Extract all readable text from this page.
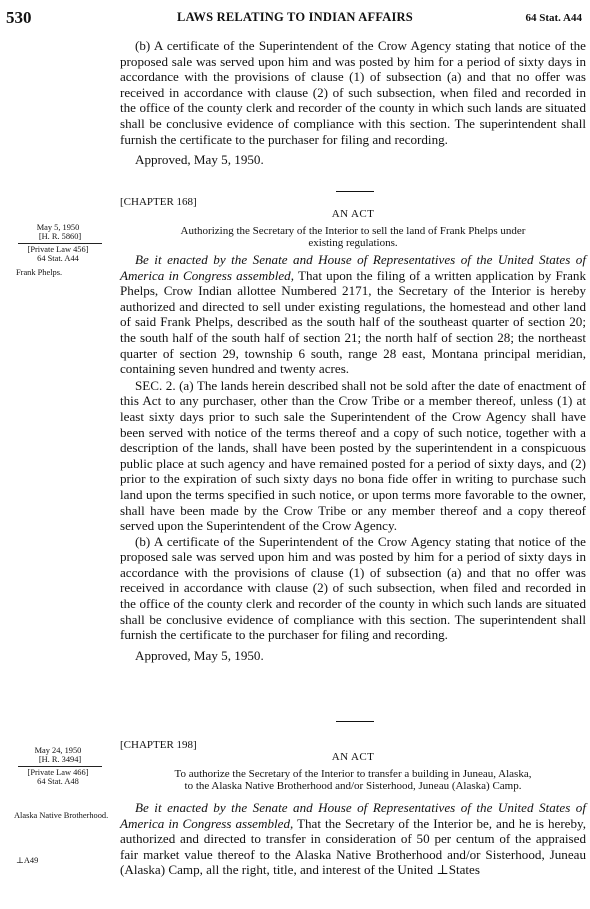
530	LAWS RELATING TO INDIAN AFFAIRS	64 Stat. A44

(b) A certificate of the Superintendent of the Crow Agency stating that notice of the proposed sale was served upon him and was posted by him for a period of sixty days in accordance with the provisions of clause (1) of subsection (a) and that no offer was received in accordance with clause (2) of such subsection, when filed and recorded in the office of the county clerk and recorder of the county in which such lands are situated shall be conclusive evidence of compliance with this section. The superintendent shall furnish the certificate to the purchaser for filing and recording.

Approved, May 5, 1950.

[CHAPTER 168]
AN ACT
Authorizing the Secretary of the Interior to sell the land of Frank Phelps under
existing regulations.
May 5, 1950
[H. R. 5860]
[Private Law 456]
64 Stat. A44
Frank Phelps.

Be it enacted by the Senate and House of Representatives of the United States of America in Congress assembled, That upon the filing of a written application by Frank Phelps, Crow Indian allottee Numbered 2171, the Secretary of the Interior is hereby authorized and directed to sell under existing regulations, the homestead and other land of said Frank Phelps, described as the south half of the southeast quarter of section 20; the south half of the south half of section 21; the north half of section 28; the northeast quarter of section 29, township 6 south, range 28 east, Montana principal meridian, containing seven hundred and twenty acres.

SEC. 2. (a) The lands herein described shall not be sold after the date of enactment of this Act to any purchaser, other than the Crow Tribe or a member thereof, unless (1) at least sixty days prior to such sale the Superintendent of the Crow Agency shall have been served with notice of the terms thereof and a copy of such notice, together with a description of the lands, shall have been posted by the superintendent in a conspicuous public place at such agency and have remained posted for a period of sixty days, and (2) prior to the expiration of such sixty days no bona fide offer in writing to purchase such land upon the terms specified in such notice, or upon terms more favorable to the owner, shall have been made by the Crow Tribe or any member thereof and a copy thereof served upon the Superintendent of the Crow Agency.

(b) A certificate of the Superintendent of the Crow Agency stating that notice of the proposed sale was served upon him and was posted by him for a period of sixty days in accordance with the provisions of clause (1) of subsection (a) and that no offer was received in accordance with clause (2) of such subsection, when filed and recorded in the office of the county clerk and recorder of the county in which such lands are situated shall be conclusive evidence of compliance with this section. The superintendent shall furnish the certificate to the purchaser for filing and recording.

Approved, May 5, 1950.

[CHAPTER 198]
AN ACT
To authorize the Secretary of the Interior to transfer a building in Juneau, Alaska,
to the Alaska Native Brotherhood and/or Sisterhood, Juneau (Alaska) Camp.
May 24, 1950
[H. R. 3494]
[Private Law 466]
64 Stat. A48
Alaska Native Brotherhood.
⊥A49

Be it enacted by the Senate and House of Representatives of the United States of America in Congress assembled, That the Secretary of the Interior be, and he is hereby, authorized and directed to transfer in consideration of 50 per centum of the appraised fair market value thereof to the Alaska Native Brotherhood and/or Sisterhood, Juneau (Alaska) Camp, all the right, title, and interest of the United ⊥States
